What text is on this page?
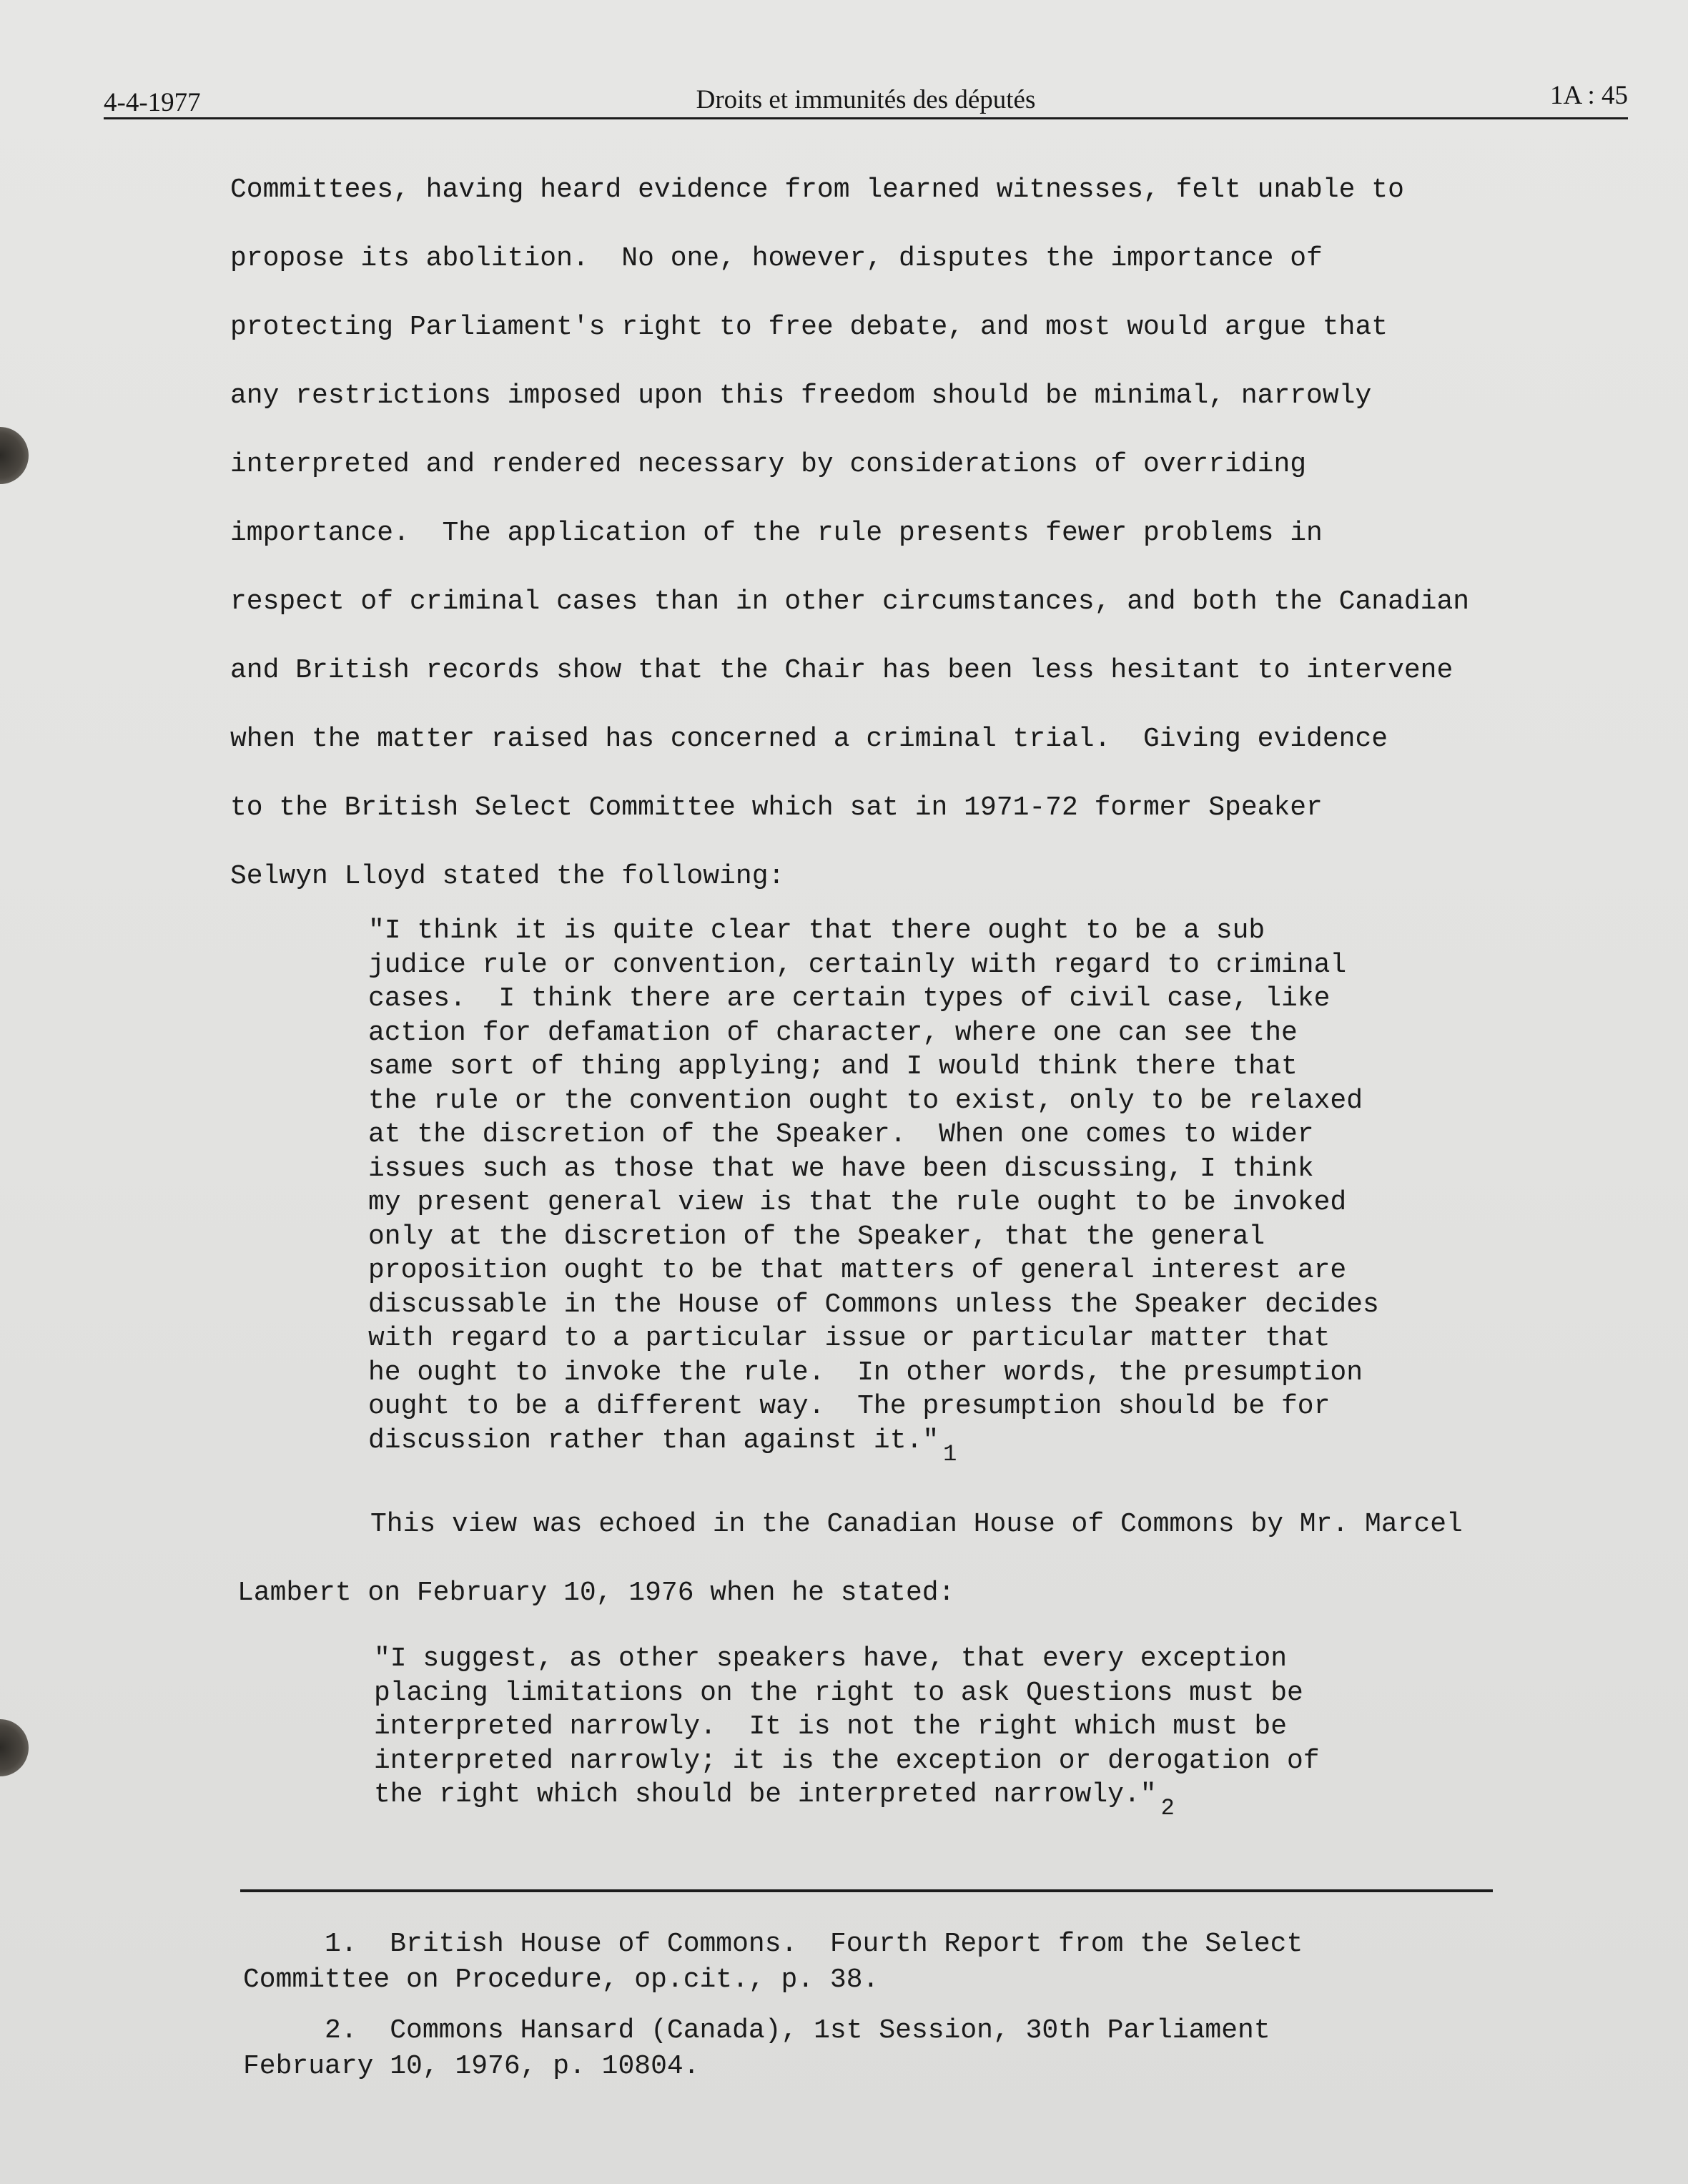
4-4-1977	Droits et immunités des députés	1A : 45
Committees, having heard evidence from learned witnesses, felt unable to
propose its abolition.  No one, however, disputes the importance of
protecting Parliament's right to free debate, and most would argue that
any restrictions imposed upon this freedom should be minimal, narrowly
interpreted and rendered necessary by considerations of overriding
importance.  The application of the rule presents fewer problems in
respect of criminal cases than in other circumstances, and both the Canadian
and British records show that the Chair has been less hesitant to intervene
when the matter raised has concerned a criminal trial.  Giving evidence
to the British Select Committee which sat in 1971-72 former Speaker
Selwyn Lloyd stated the following:
"I think it is quite clear that there ought to be a sub
judice rule or convention, certainly with regard to criminal
cases.  I think there are certain types of civil case, like
action for defamation of character, where one can see the
same sort of thing applying; and I would think there that
the rule or the convention ought to exist, only to be relaxed
at the discretion of the Speaker.  When one comes to wider
issues such as those that we have been discussing, I think
my present general view is that the rule ought to be invoked
only at the discretion of the Speaker, that the general
proposition ought to be that matters of general interest are
discussable in the House of Commons unless the Speaker decides
with regard to a particular issue or particular matter that
he ought to invoke the rule.  In other words, the presumption
ought to be a different way.  The presumption should be for
discussion rather than against it." $_1$
This view was echoed in the Canadian House of Commons by Mr. Marcel
Lambert on February 10, 1976 when he stated:
"I suggest, as other speakers have, that every exception
placing limitations on the right to ask Questions must be
interpreted narrowly.  It is not the right which must be
interpreted narrowly; it is the exception or derogation of
the right which should be interpreted narrowly." $_2$
1.  British House of Commons.  Fourth Report from the Select
Committee on Procedure, op.cit., p. 38.
2.  Commons Hansard (Canada), 1st Session, 30th Parliament
February 10, 1976, p. 10804.
